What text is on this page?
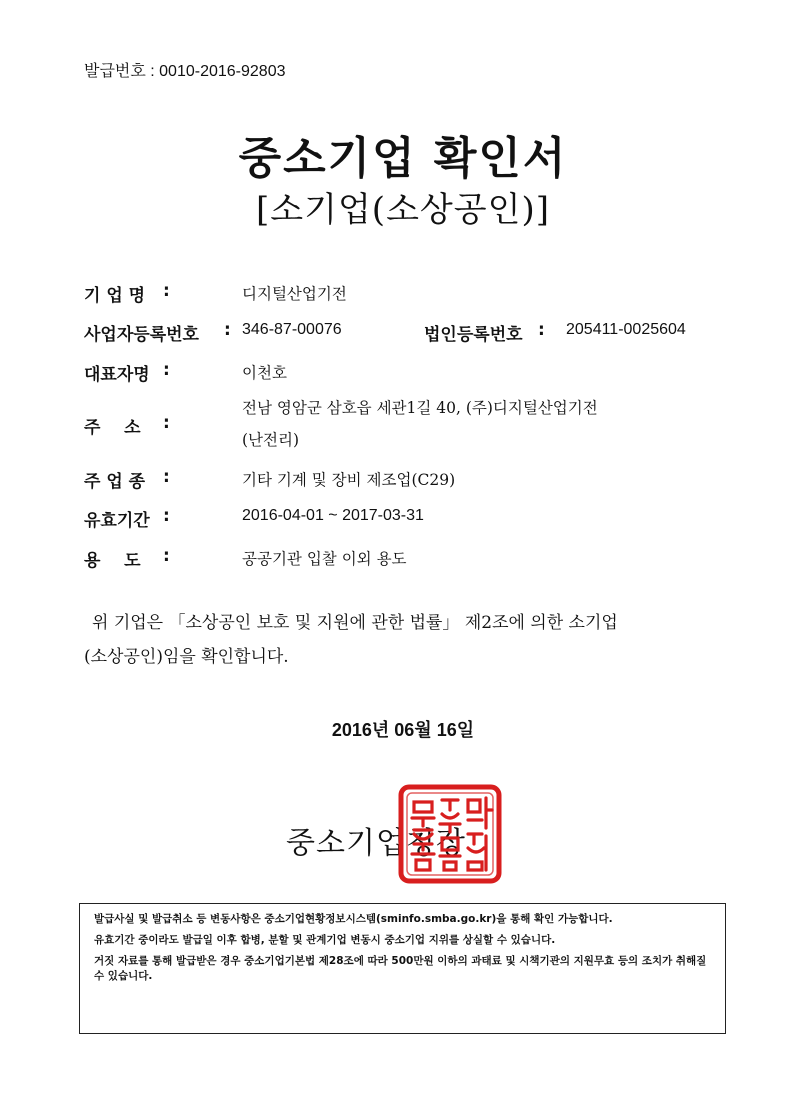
발급번호 : 0010-2016-92803
중소기업 확인서
[소기업(소상공인)]
기 업 명 :	디지털산업기전
사업자등록번호 : 346-87-00076	법인등록번호 : 205411-0025604
대표자명 :	이천호
주    소 :
전남 영암군 삼호읍 세관1길 40, (주)디지털산업기전
(난전리)
주 업 종 :	기타 기계 및 장비 제조업(C29)
유효기간 :	2016-04-01 ~ 2017-03-31
용    도 :	공공기관 입찰 이외 용도
위 기업은 「소상공인 보호 및 지원에 관한 법률」 제2조에 의한 소기업
(소상공인)임을 확인합니다.
2016년 06월 16일
중소기업청장

발급사실 및 발급취소 등 변동사항은 중소기업현황정보시스템(sminfo.smba.go.kr)을 통해 확인 가능합니다.

유효기간 중이라도 발급일 이후 합병, 분할 및 관계기업 변동시 중소기업 지위를 상실할 수 있습니다.

거짓 자료를 통해 발급받은 경우 중소기업기본법 제28조에 따라 500만원 이하의 과태료 및 시책기관의 지원무효 등의 조치가 취해질 수 있습니다.
